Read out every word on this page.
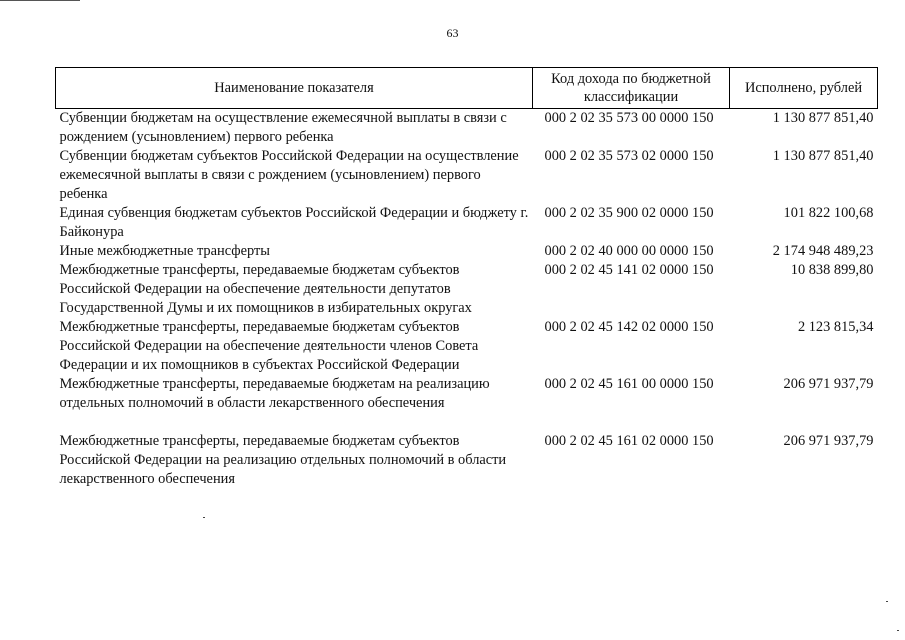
63
Наименование показателя	Код дохода по бюджетной классификации	Исполнено, рублей
Субвенции бюджетам на осуществление ежемесячной выплаты в связи с рождением (усыновлением) первого ребенка	000 2 02 35 573 00 0000 150	1 130 877 851,40
Субвенции бюджетам субъектов Российской Федерации на осуществление ежемесячной выплаты в связи с рождением (усыновлением) первого ребенка	000 2 02 35 573 02 0000 150	1 130 877 851,40
Единая субвенция бюджетам субъектов Российской Федерации и бюджету г. Байконура	000 2 02 35 900 02 0000 150	101 822 100,68
Иные межбюджетные трансферты	000 2 02 40 000 00 0000 150	2 174 948 489,23
Межбюджетные трансферты, передаваемые бюджетам субъектов Российской Федерации на обеспечение деятельности депутатов Государственной Думы и их помощников в избирательных округах	000 2 02 45 141 02 0000 150	10 838 899,80
Межбюджетные трансферты, передаваемые бюджетам субъектов Российской Федерации на обеспечение деятельности членов Совета Федерации и их помощников в субъектах Российской Федерации	000 2 02 45 142 02 0000 150	2 123 815,34
Межбюджетные трансферты, передаваемые бюджетам на реализацию отдельных полномочий в области лекарственного обеспечения	000 2 02 45 161 00 0000 150	206 971 937,79

Межбюджетные трансферты, передаваемые бюджетам субъектов Российской Федерации на реализацию отдельных полномочий в области лекарственного обеспечения	000 2 02 45 161 02 0000 150	206 971 937,79
